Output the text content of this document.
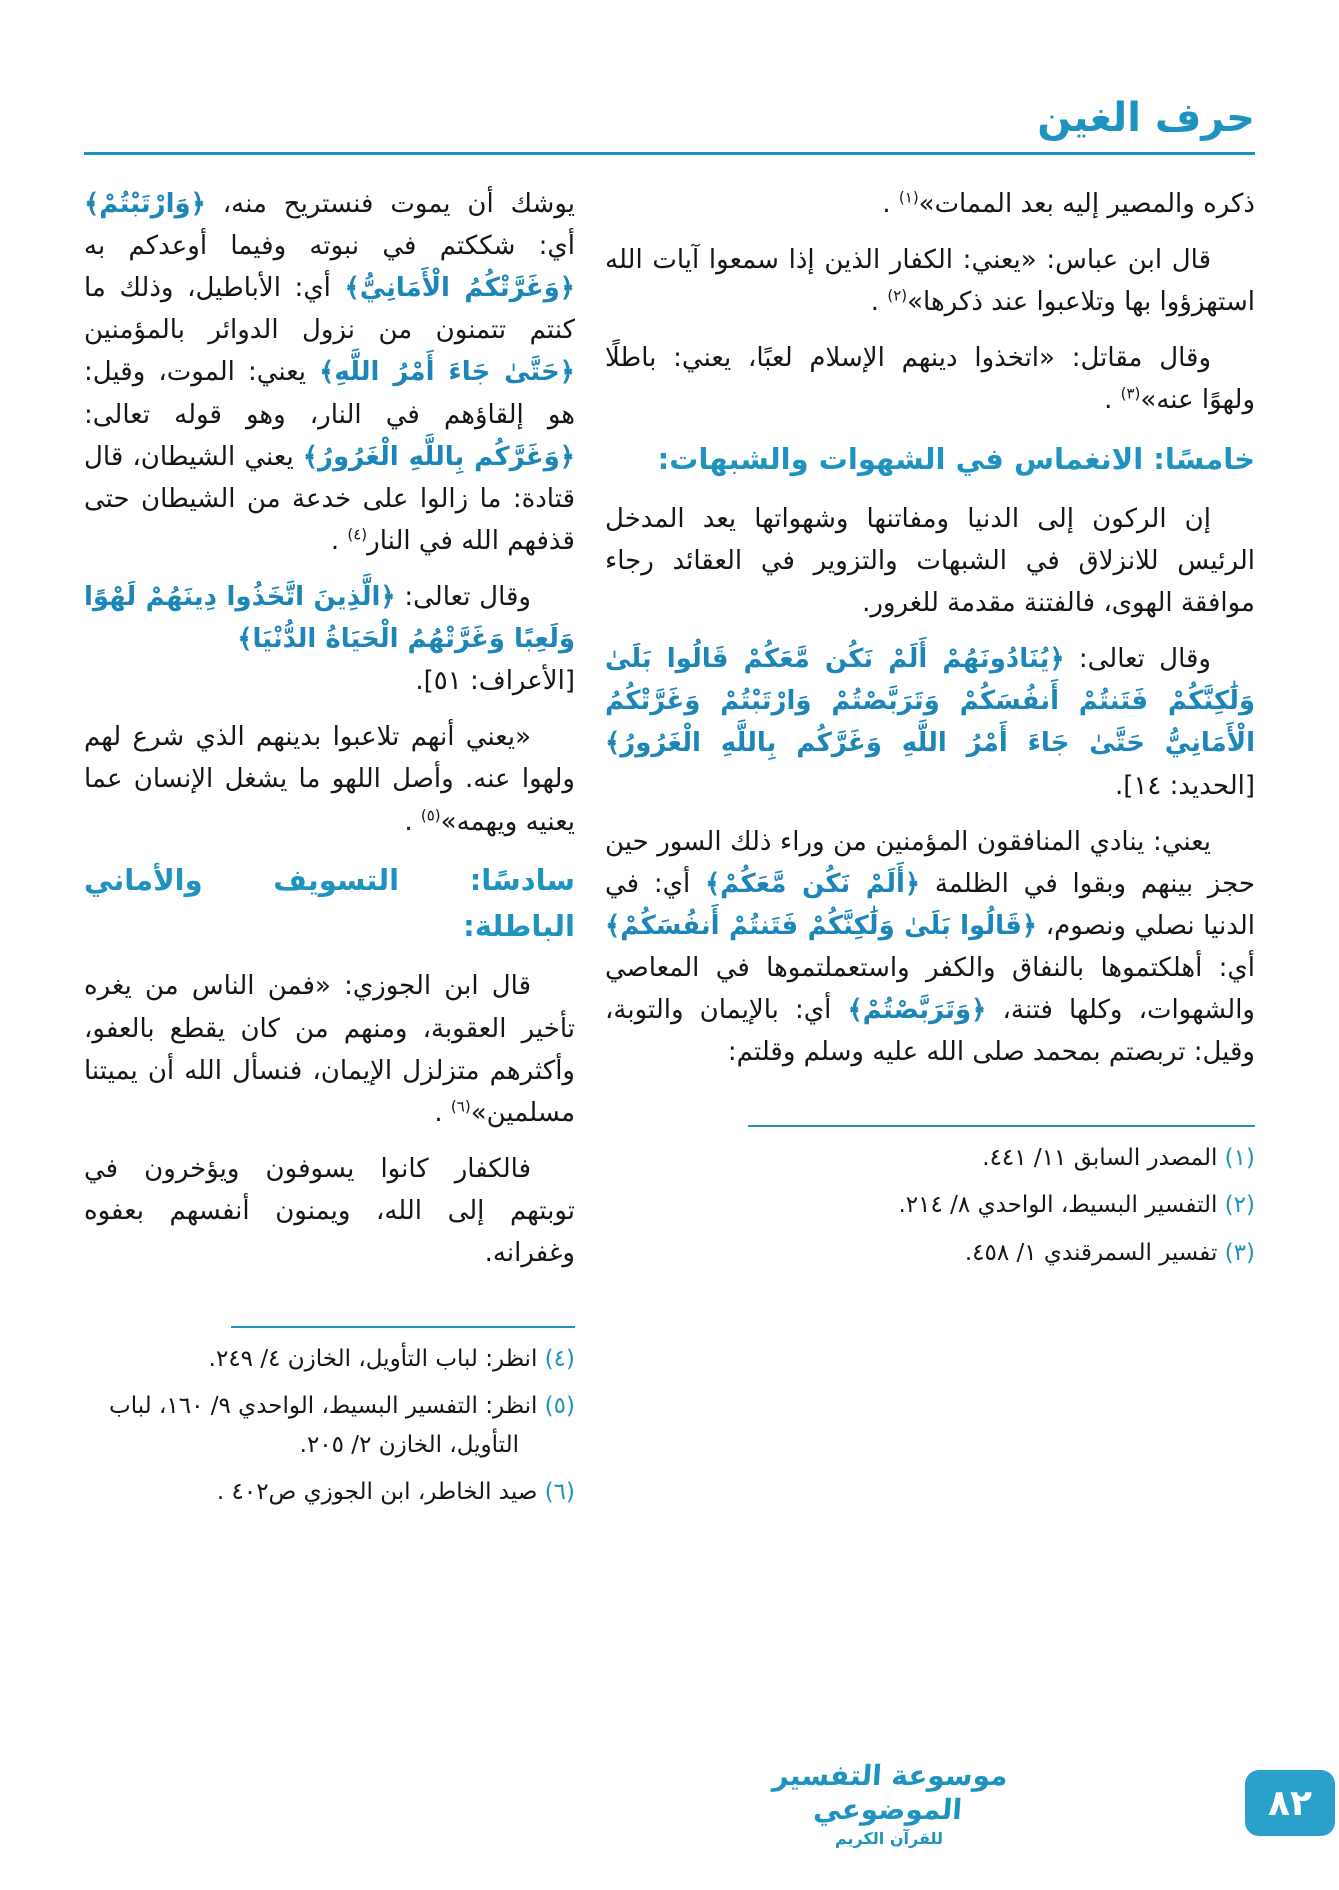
حرف الغين

ذكره والمصير إليه بعد الممات»$^{(١)}$ .

قال ابن عباس: «يعني: الكفار الذين إذا سمعوا آيات الله استهزؤوا بها وتلاعبوا عند ذكرها»$^{(٢)}$ .

وقال مقاتل: «اتخذوا دينهم الإسلام لعبًا، يعني: باطلًا ولهوًا عنه»$^{(٣)}$ .

خامسًا: الانغماس في الشهوات والشبهات:

إن الركون إلى الدنيا ومفاتنها وشهواتها يعد المدخل الرئيس للانزلاق في الشبهات والتزوير في العقائد رجاء موافقة الهوى، فالفتنة مقدمة للغرور.

وقال تعالى: ﴿يُنَادُونَهُمْ أَلَمْ نَكُن مَّعَكُمْ قَالُوا بَلَىٰ وَلَٰكِنَّكُمْ فَتَنتُمْ أَنفُسَكُمْ وَتَرَبَّصْتُمْ وَارْتَبْتُمْ وَغَرَّتْكُمُ الْأَمَانِيُّ حَتَّىٰ جَاءَ أَمْرُ اللَّهِ وَغَرَّكُم بِاللَّهِ الْغَرُورُ﴾ [الحديد: ١٤].

يعني: ينادي المنافقون المؤمنين من وراء ذلك السور حين حجز بينهم وبقوا في الظلمة ﴿أَلَمْ نَكُن مَّعَكُمْ﴾ أي: في الدنيا نصلي ونصوم، ﴿قَالُوا بَلَىٰ وَلَٰكِنَّكُمْ فَتَنتُمْ أَنفُسَكُمْ﴾ أي: أهلكتموها بالنفاق والكفر واستعملتموها في المعاصي والشهوات، وكلها فتنة، ﴿وَتَرَبَّصْتُمْ﴾ أي: بالإيمان والتوبة، وقيل: تربصتم بمحمد صلى الله عليه وسلم وقلتم:

(١) المصدر السابق ١١/ ٤٤١.
(٢) التفسير البسيط، الواحدي ٨/ ٢١٤.
(٣) تفسير السمرقندي ١/ ٤٥٨.

يوشك أن يموت فنستريح منه، ﴿وَارْتَبْتُمْ﴾ أي: شككتم في نبوته وفيما أوعدكم به ﴿وَغَرَّتْكُمُ الْأَمَانِيُّ﴾ أي: الأباطيل، وذلك ما كنتم تتمنون من نزول الدوائر بالمؤمنين ﴿حَتَّىٰ جَاءَ أَمْرُ اللَّهِ﴾ يعني: الموت، وقيل: هو إلقاؤهم في النار، وهو قوله تعالى: ﴿وَغَرَّكُم بِاللَّهِ الْغَرُورُ﴾ يعني الشيطان، قال قتادة: ما زالوا على خدعة من الشيطان حتى قذفهم الله في النار$^{(٤)}$ .

وقال تعالى: ﴿الَّذِينَ اتَّخَذُوا دِينَهُمْ لَهْوًا وَلَعِبًا وَغَرَّتْهُمُ الْحَيَاةُ الدُّنْيَا﴾
[الأعراف: ٥١].

«يعني أنهم تلاعبوا بدينهم الذي شرع لهم ولهوا عنه. وأصل اللهو ما يشغل الإنسان عما يعنيه ويهمه»$^{(٥)}$ .

سادسًا: التسويف والأماني الباطلة:

قال ابن الجوزي: «فمن الناس من يغره تأخير العقوبة، ومنهم من كان يقطع بالعفو، وأكثرهم متزلزل الإيمان، فنسأل الله أن يميتنا مسلمين»$^{(٦)}$ .

فالكفار كانوا يسوفون ويؤخرون في توبتهم إلى الله، ويمنون أنفسهم بعفوه وغفرانه.

(٤) انظر: لباب التأويل، الخازن ٤/ ٢٤٩.
(٥) انظر: التفسير البسيط، الواحدي ٩/ ١٦٠، لباب التأويل، الخازن ٢/ ٢٠٥.
(٦) صيد الخاطر، ابن الجوزي ص٤٠٢ .
موسوعة التفسير الموضوعي
للقرآن الكريم
٨٢
